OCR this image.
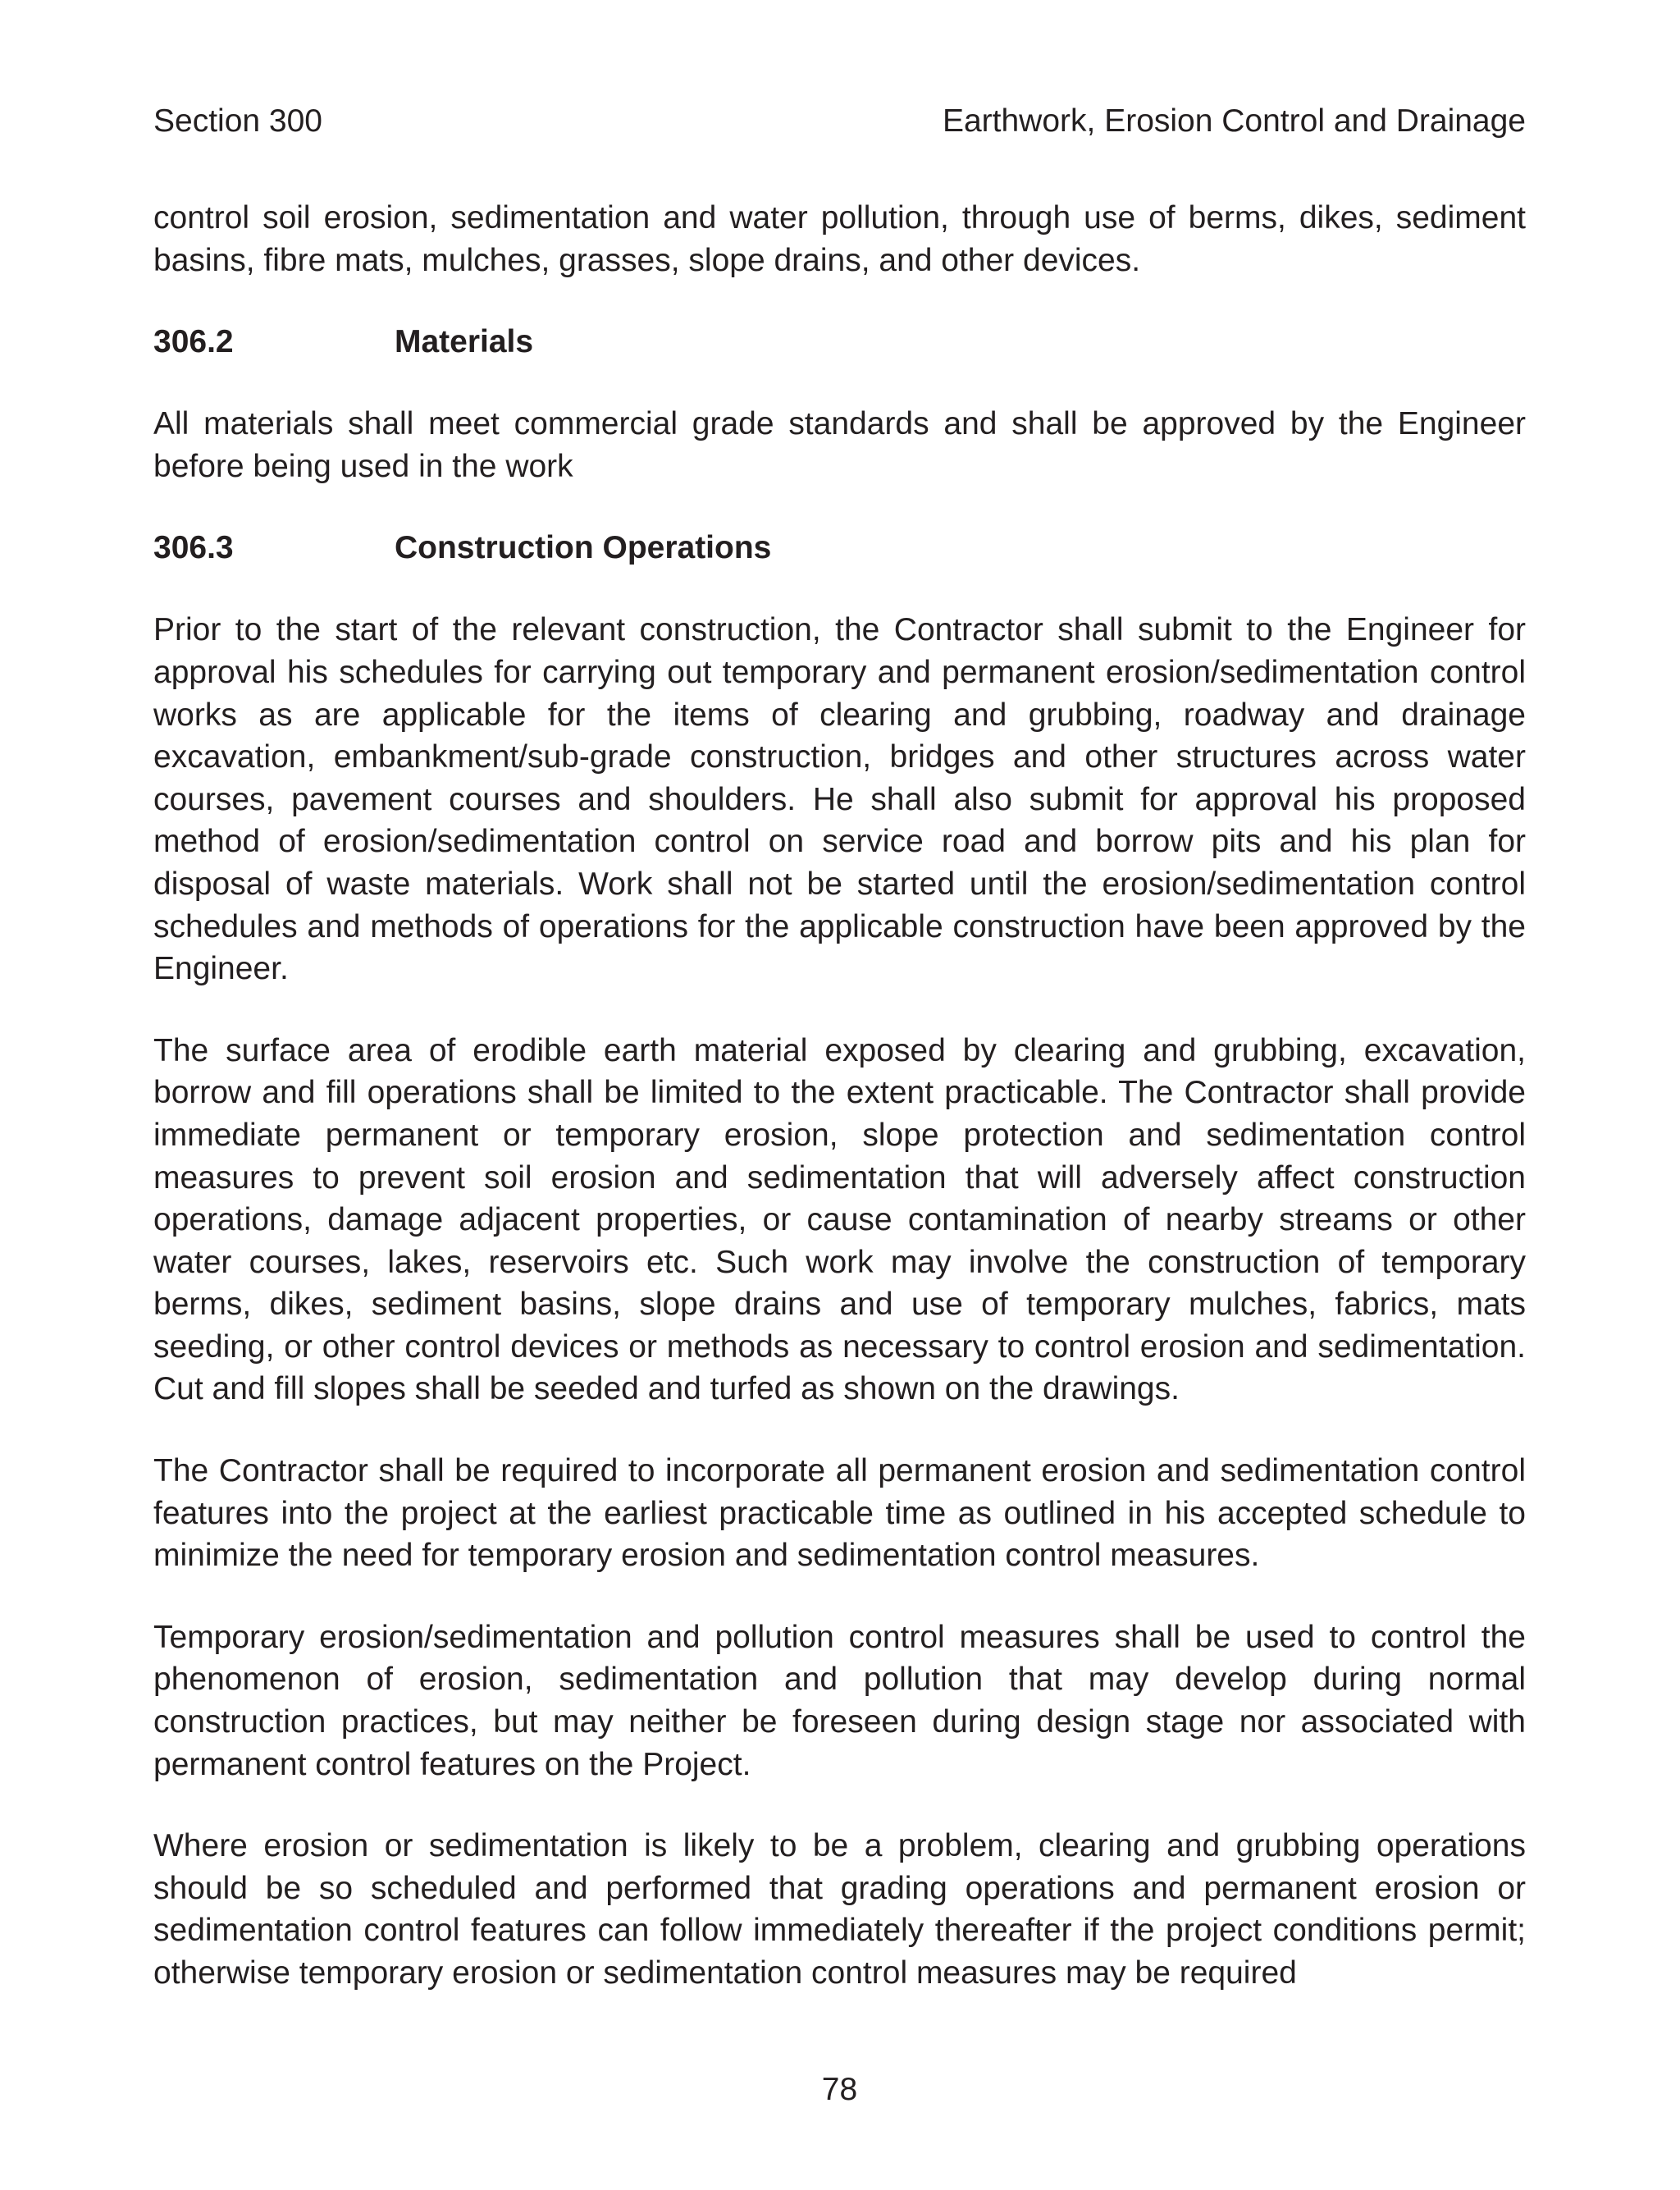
Section 300	Earthwork, Erosion Control and Drainage

control soil erosion, sedimentation and water pollution, through use of berms, dikes, sediment basins, fibre mats, mulches, grasses, slope drains, and other devices.

306.2	Materials

All materials shall meet commercial grade standards and shall be approved by the Engineer before being used in the work

306.3	Construction Operations

Prior to the start of the relevant construction, the Contractor shall submit to the Engineer for approval his schedules for carrying out temporary and permanent erosion/sedimentation control works as are applicable for the items of clearing and grubbing, roadway and drainage excavation, embankment/sub-grade construction, bridges and other structures across water courses, pavement courses and shoulders. He shall also submit for approval his proposed method of erosion/sedimentation control on service road and borrow pits and his plan for disposal of waste materials. Work shall not be started until the erosion/sedimentation control schedules and methods of operations for the applicable construction have been approved by the Engineer.

The surface area of erodible earth material exposed by clearing and grubbing, excavation, borrow and fill operations shall be limited to the extent practicable. The Contractor shall provide immediate permanent or temporary erosion, slope protection and sedimentation control measures to prevent soil erosion and sedimentation that will adversely affect construction operations, damage adjacent properties, or cause contamination of nearby streams or other water courses, lakes, reservoirs etc. Such work may involve the construction of temporary berms, dikes, sediment basins, slope drains and use of temporary mulches, fabrics, mats seeding, or other control devices or methods as necessary to control erosion and sedimentation. Cut and fill slopes shall be seeded and turfed as shown on the drawings.

The Contractor shall be required to incorporate all permanent erosion and sedimentation control features into the project at the earliest practicable time as outlined in his accepted schedule to minimize the need for temporary erosion and sedimentation control measures.

Temporary erosion/sedimentation and pollution control measures shall be used to control the phenomenon of erosion, sedimentation and pollution that may develop during normal construction practices, but may neither be foreseen during design stage nor associated with permanent control features on the Project.

Where erosion or sedimentation is likely to be a problem, clearing and grubbing operations should be so scheduled and performed that grading operations and permanent erosion or sedimentation control features can follow immediately thereafter if the project conditions permit; otherwise temporary erosion or sedimentation control measures may be required

78
